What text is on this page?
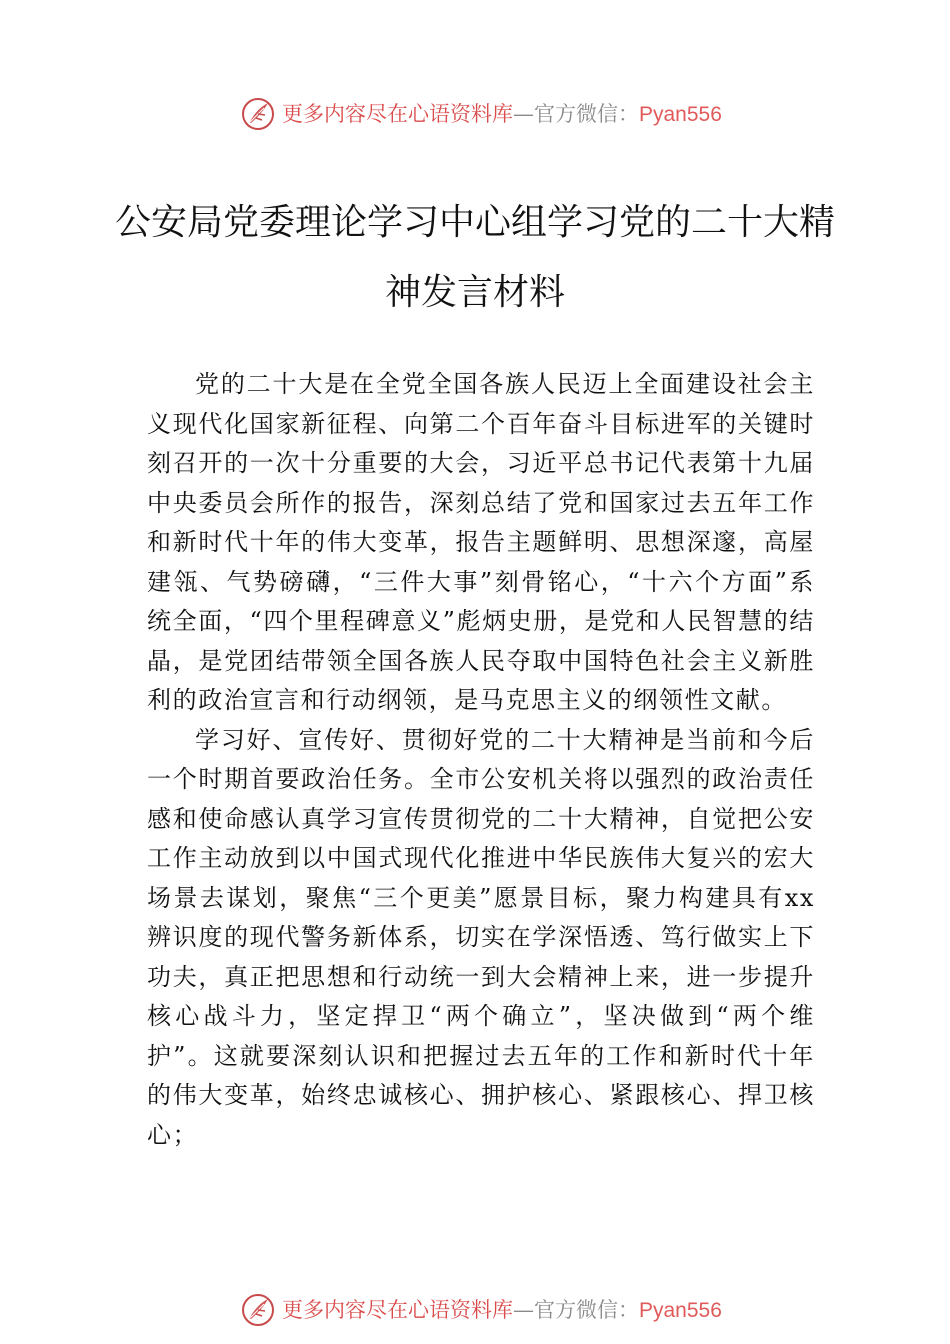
更多内容尽在心语资料库—官方微信：Pyan556
公安局党委理论学习中心组学习党的二十大精神发言材料

党的二十大是在全党全国各族人民迈上全面建设社会主义现代化国家新征程、向第二个百年奋斗目标进军的关键时刻召开的一次十分重要的大会，习近平总书记代表第十九届中央委员会所作的报告，深刻总结了党和国家过去五年工作和新时代十年的伟大变革，报告主题鲜明、思想深邃，高屋建瓴、气势磅礴，“三件大事”刻骨铭心，“十六个方面”系统全面，“四个里程碑意义”彪炳史册，是党和人民智慧的结晶，是党团结带领全国各族人民夺取中国特色社会主义新胜利的政治宣言和行动纲领，是马克思主义的纲领性文献。

学习好、宣传好、贯彻好党的二十大精神是当前和今后一个时期首要政治任务。全市公安机关将以强烈的政治责任感和使命感认真学习宣传贯彻党的二十大精神，自觉把公安工作主动放到以中国式现代化推进中华民族伟大复兴的宏大场景去谋划，聚焦“三个更美”愿景目标，聚力构建具有xx辨识度的现代警务新体系，切实在学深悟透、笃行做实上下功夫，真正把思想和行动统一到大会精神上来，进一步提升核心战斗力，坚定捍卫“两个确立”，坚决做到“两个维护”。这就要深刻认识和把握过去五年的工作和新时代十年的伟大变革，始终忠诚核心、拥护核心、紧跟核心、捍卫核心；

更多内容尽在心语资料库—官方微信：Pyan556
